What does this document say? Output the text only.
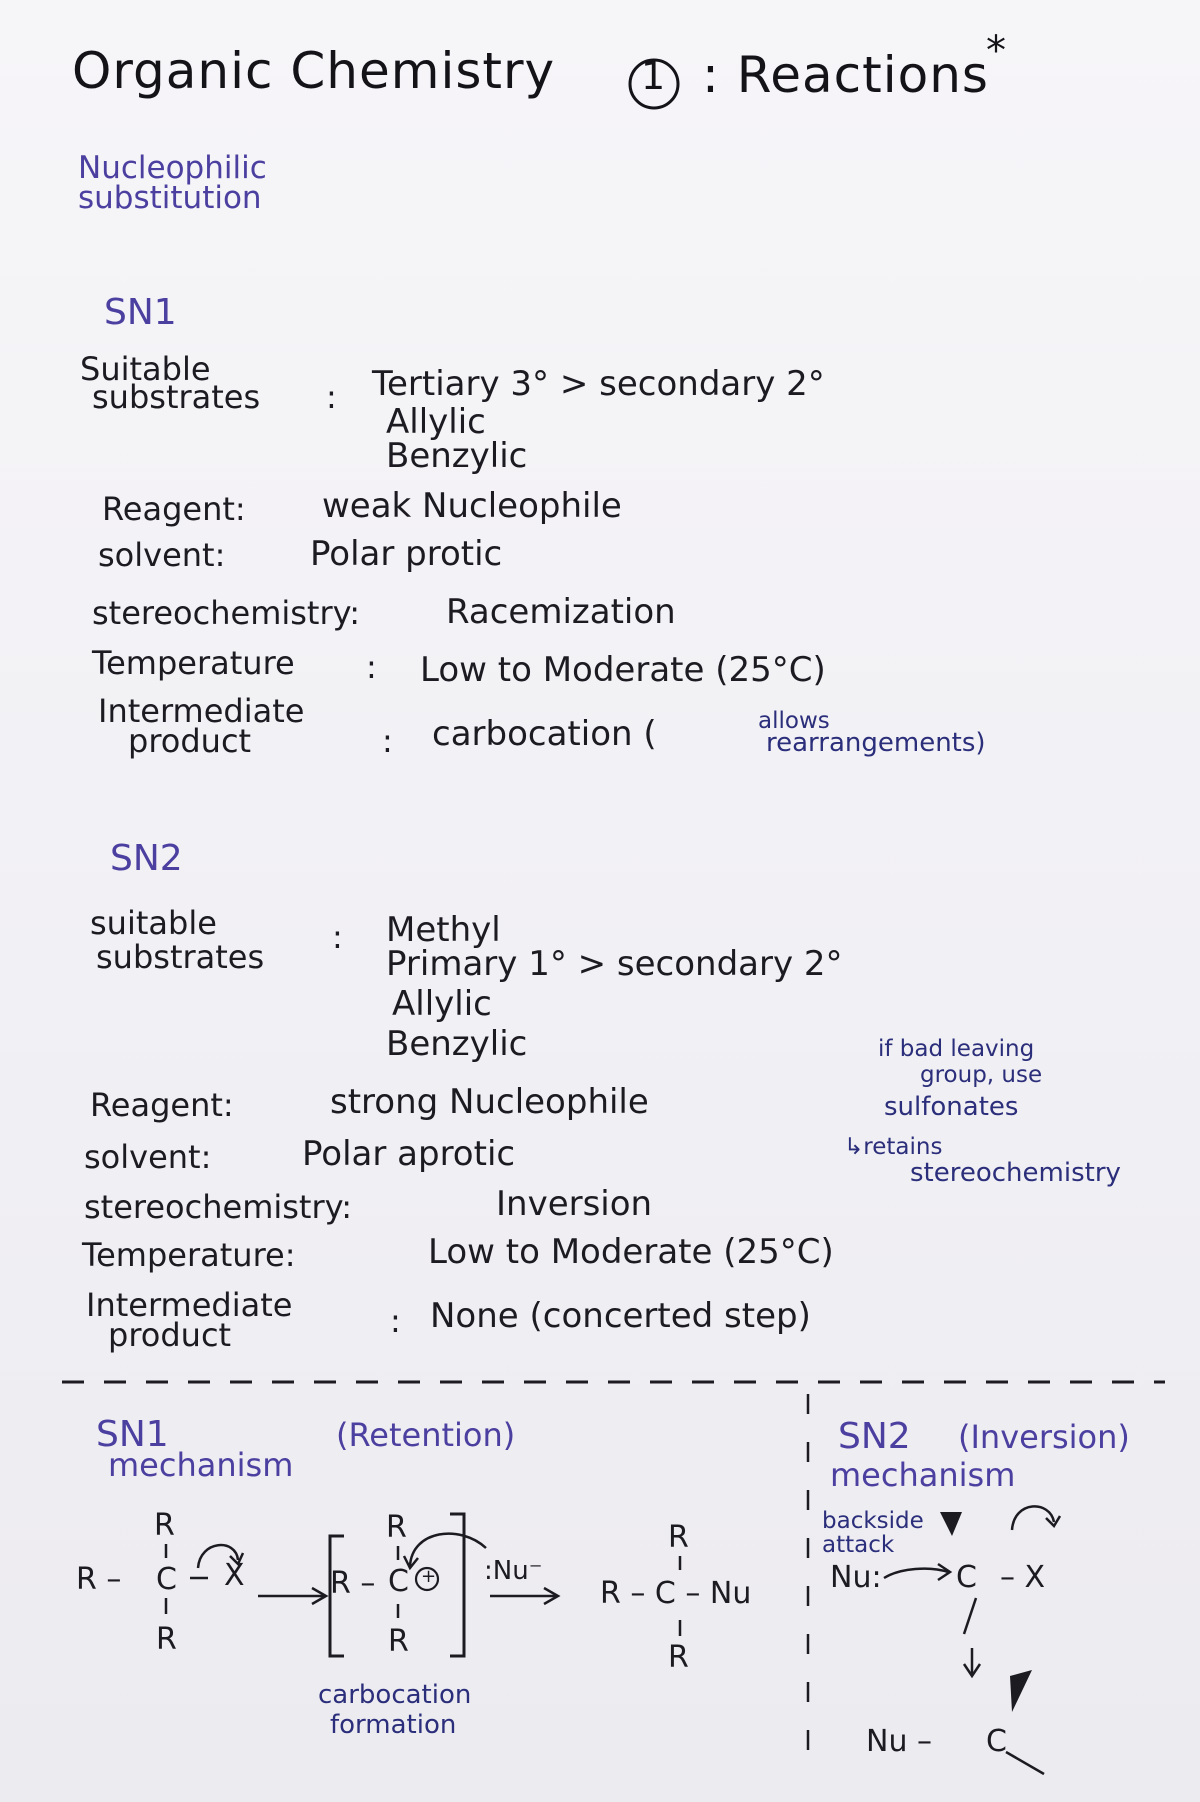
Organic Chemistry 1 : Reactions
*
Nucleophilic
substitution
SN1
Suitable
substrates : Tertiary 3° > secondary 2°
Allylic
Benzylic
Reagent: weak Nucleophile
solvent: Polar protic
stereochemistry:	Racemization
Temperature : Low to Moderate (25°C)
Intermediate
product	: carbocation (	allows
rearrangements)
SN2
suitable
substrates
: Methyl
Primary 1° > secondary 2°
Allylic
Benzylic
Reagent:	strong Nucleophile
solvent:	Polar aprotic
stereochemistry:	Inversion
Temperature:	Low to Moderate (25°C)
Intermediate
product	: None (concerted step)
if bad leaving
group, use
sulfonates
↳retains
stereochemistry
SN1
mechanism
(Retention)
R
R – C X
R
R
R – C +
R
:Nu⁻
R
R – C – Nu
R
carbocation
formation
SN2 (Inversion)
mechanism
backside
attack
Nu: C – X
Nu – C
